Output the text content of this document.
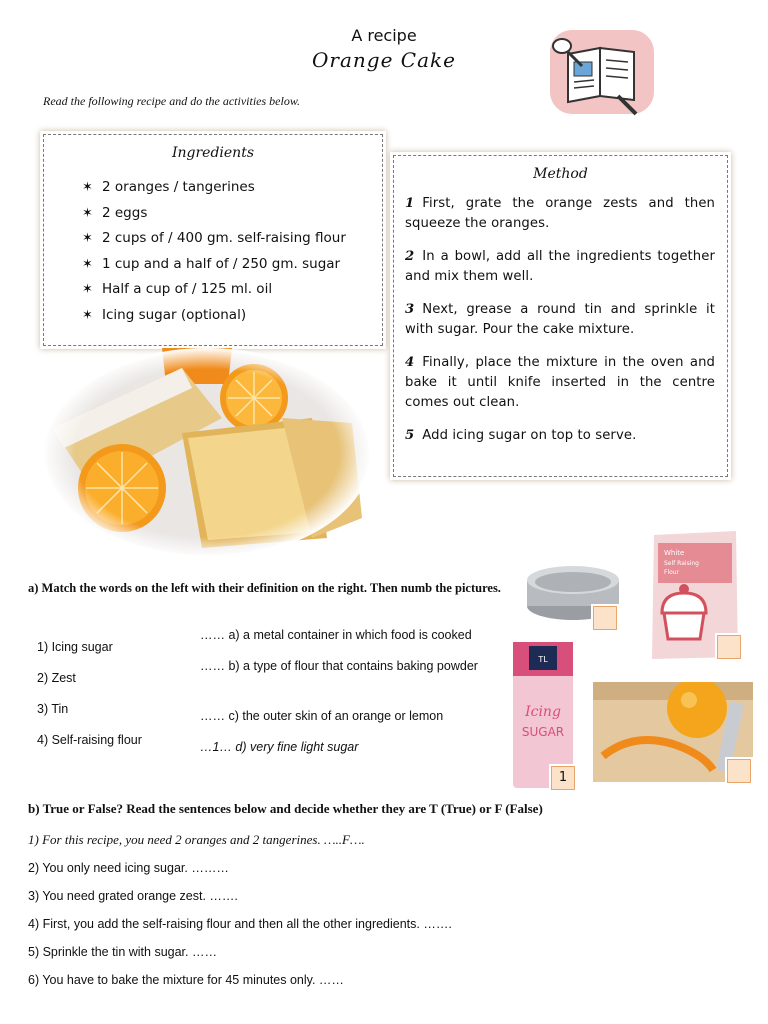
A recipe
Orange Cake
Read the following recipe and do the activities below.
Ingredients
✶ 2 oranges / tangerines
✶ 2 eggs
✶ 2 cups of / 400 gm. self-raising flour
✶ 1 cup and a half of / 250 gm. sugar
✶ Half a cup of / 125 ml. oil
✶ Icing sugar (optional)
Method
1 First, grate the orange zests and then squeeze the oranges.
2 In a bowl, add all the ingredients together and mix them well.
3 Next, grease a round tin and sprinkle it with sugar. Pour the cake mixture.
4 Finally, place the mixture in the oven and bake it until knife inserted in the centre comes out clean.
5 Add icing sugar on top to serve.
a) Match the words on the left with their definition on the right. Then numb the pictures.
1) Icing sugar
2) Zest
3) Tin
4) Self-raising flour
…… a) a metal container in which food is cooked
…… b) a type of flour that contains baking powder
…… c) the outer skin of an orange or lemon
…1… d) very fine light sugar
White
Self Raising
Flour
TL
Icing
SUGAR
1
b) True or False? Read the sentences below and decide whether they are T (True) or F (False)
1) For this recipe, you need 2 oranges and 2 tangerines. …..F….
2) You only need icing sugar. ………
3) You need grated orange zest. …….
4) First, you add the self-raising flour and then all the other ingredients. …….
5) Sprinkle the tin with sugar. ……
6) You have to bake the mixture for 45 minutes only. ……
